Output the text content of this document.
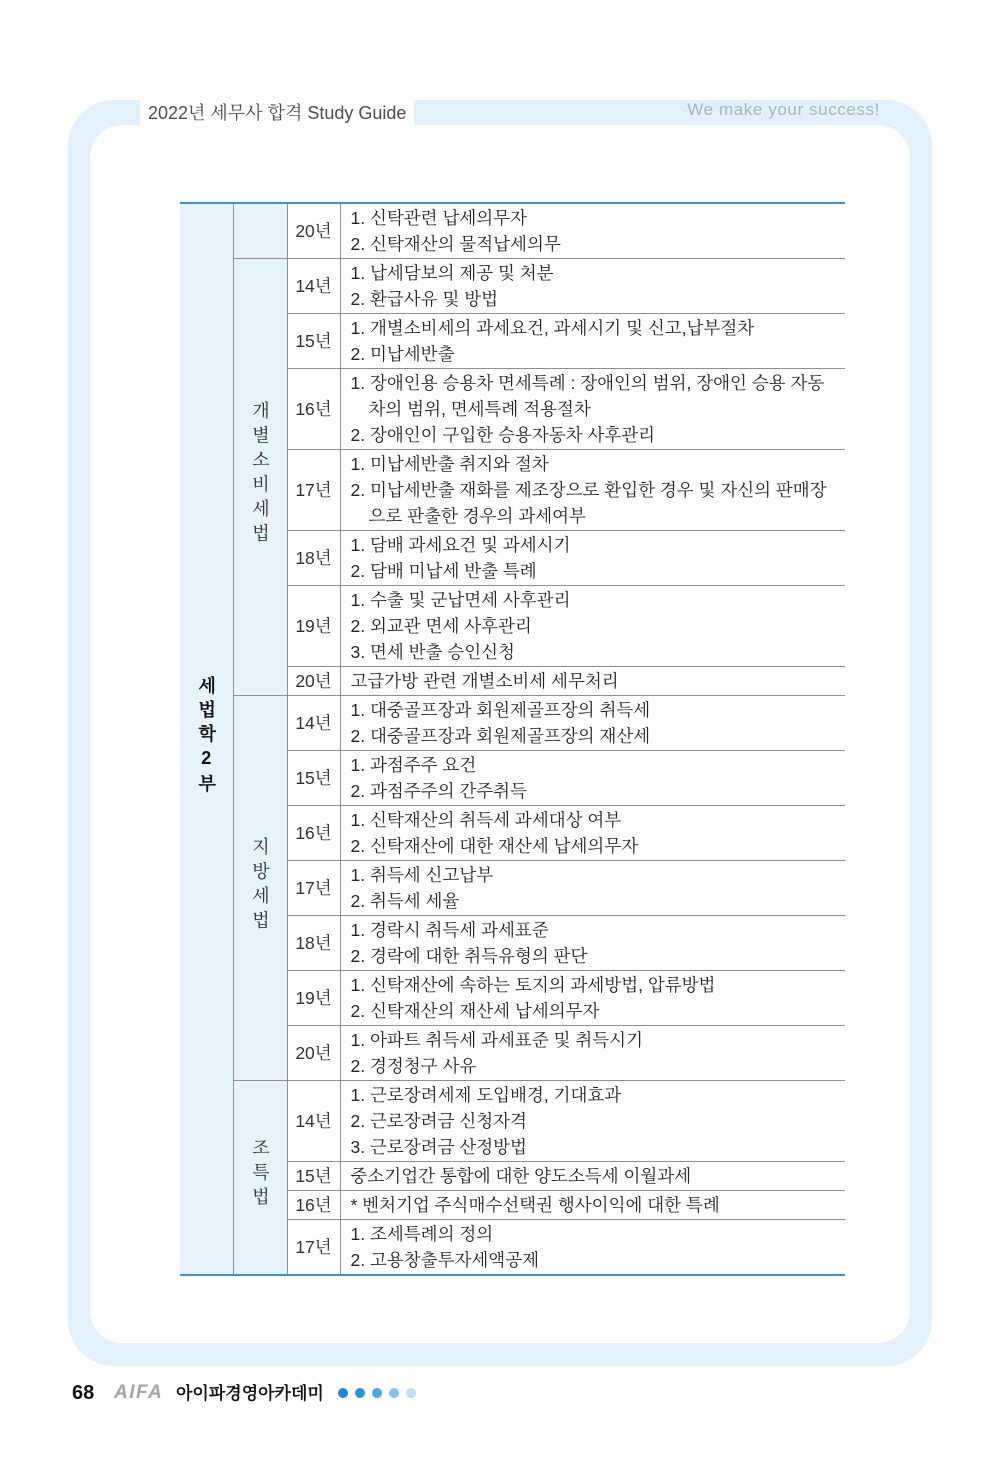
2022년 세무사 합격 Study Guide	We make your success!
세법학2부		20년	1. 신탁관련 납세의무자
2. 신탁재산의 물적납세의무

	개별소비세법	14년	1. 납세담보의 제공 및 처분
2. 환급사유 및 방법

		15년	1. 개별소비세의 과세요건, 과세시기 및 신고,납부절차
2. 미납세반출

		16년	1. 장애인용 승용차 면세특례 : 장애인의 범위, 장애인 승용 자동차의 범위, 면세특례 적용절차
2. 장애인이 구입한 승용자동차 사후관리

		17년	1. 미납세반출 취지와 절차
2. 미납세반출 재화를 제조장으로 환입한 경우 및 자신의 판매장으로 판출한 경우의 과세여부

		18년	1. 담배 과세요건 및 과세시기
2. 담배 미납세 반출 특례

		19년	1. 수출 및 군납면세 사후관리
2. 외교관 면세 사후관리
3. 면세 반출 승인신청

		20년	고급가방 관련 개별소비세 세무처리

	지방세법	14년	1. 대중골프장과 회원제골프장의 취득세
2. 대중골프장과 회원제골프장의 재산세

		15년	1. 과점주주 요건
2. 과점주주의 간주취득

		16년	1. 신탁재산의 취득세 과세대상 여부
2. 신탁재산에 대한 재산세 납세의무자

		17년	1. 취득세 신고납부
2. 취득세 세율

		18년	1. 경락시 취득세 과세표준
2. 경락에 대한 취득유형의 판단

		19년	1. 신탁재산에 속하는 토지의 과세방법, 압류방법
2. 신탁재산의 재산세 납세의무자

		20년	1. 아파트 취득세 과세표준 및 취득시기
2. 경정청구 사유

	조특법	14년	1. 근로장려세제 도입배경, 기대효과
2. 근로장려금 신청자격
3. 근로장려금 산정방법

		15년	중소기업간 통합에 대한 양도소득세 이월과세

		16년	* 벤처기업 주식매수선택권 행사이익에 대한 특례

		17년	1. 조세특례의 정의
2. 고용창출투자세액공제
68 AIFA 아이파경영아카데미
